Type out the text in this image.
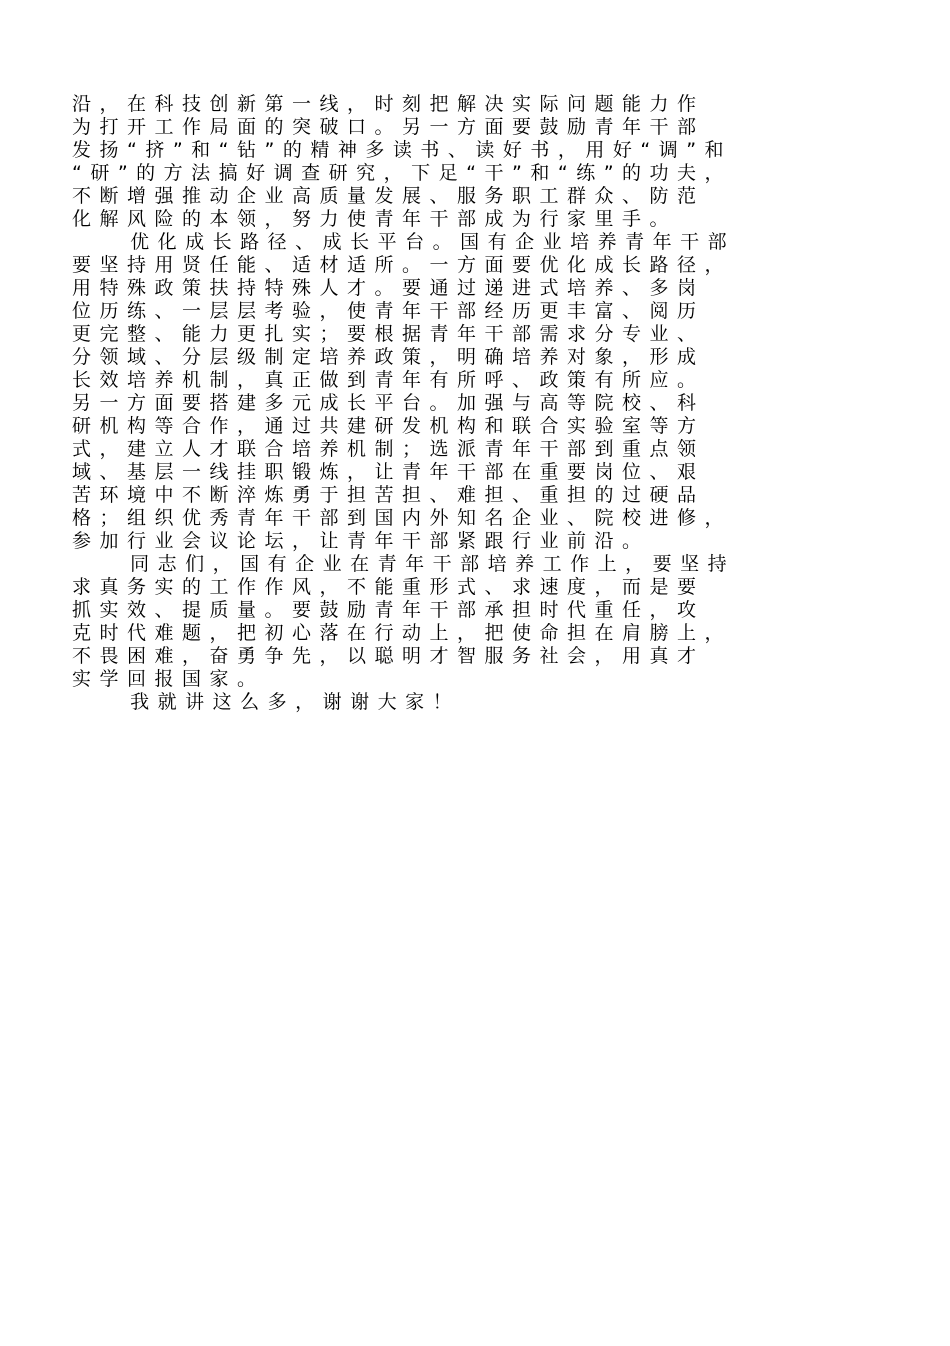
沿，在科技创新第一线，时刻把解决实际问题能力作
为打开工作局面的突破口。另一方面要鼓励青年干部
发扬“挤”和“钻”的精神多读书、读好书，用好“调”和
“研”的方法搞好调查研究，下足“干”和“练”的功夫，
不断增强推动企业高质量发展、服务职工群众、防范
化解风险的本领，努力使青年干部成为行家里手。
优化成长路径、成长平台。国有企业培养青年干部
要坚持用贤任能、适材适所。一方面要优化成长路径，
用特殊政策扶持特殊人才。要通过递进式培养、多岗
位历练、一层层考验，使青年干部经历更丰富、阅历
更完整、能力更扎实；要根据青年干部需求分专业、
分领域、分层级制定培养政策，明确培养对象，形成
长效培养机制，真正做到青年有所呼、政策有所应。
另一方面要搭建多元成长平台。加强与高等院校、科
研机构等合作，通过共建研发机构和联合实验室等方
式，建立人才联合培养机制；选派青年干部到重点领
域、基层一线挂职锻炼，让青年干部在重要岗位、艰
苦环境中不断淬炼勇于担苦担、难担、重担的过硬品
格；组织优秀青年干部到国内外知名企业、院校进修，
参加行业会议论坛，让青年干部紧跟行业前沿。
同志们，国有企业在青年干部培养工作上，要坚持
求真务实的工作作风，不能重形式、求速度，而是要
抓实效、提质量。要鼓励青年干部承担时代重任，攻
克时代难题，把初心落在行动上，把使命担在肩膀上，
不畏困难，奋勇争先，以聪明才智服务社会，用真才
实学回报国家。
我就讲这么多，谢谢大家！
